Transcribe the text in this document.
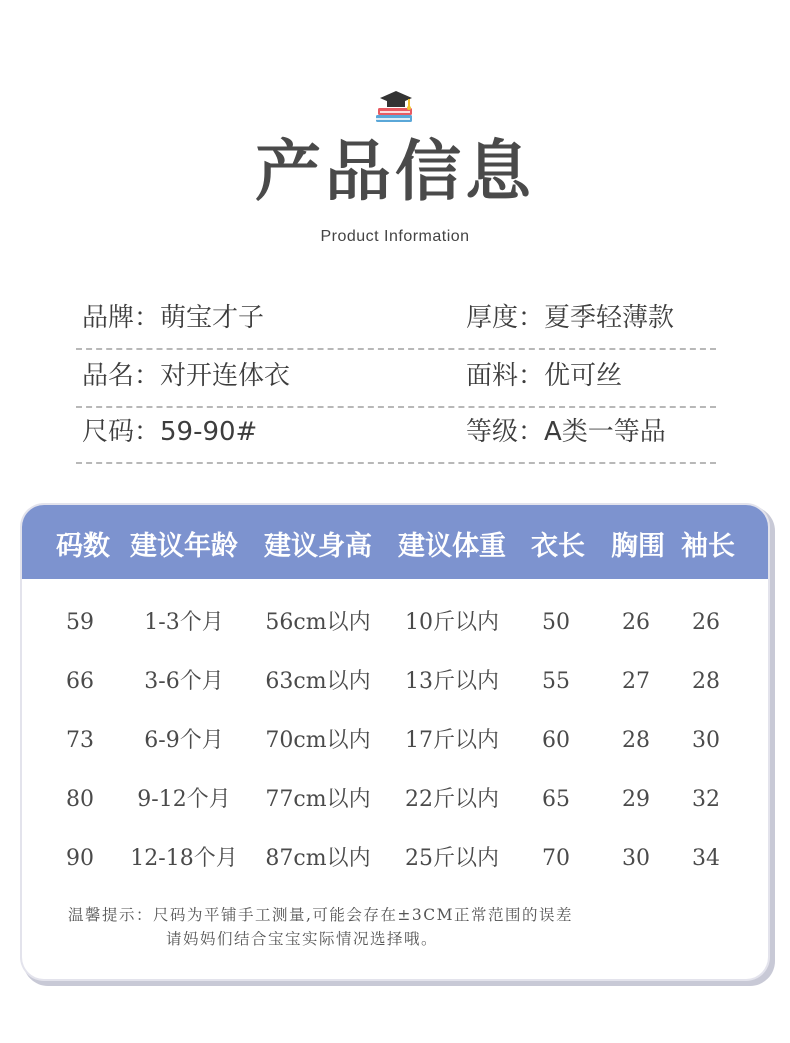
产品信息
Product Information
品牌：萌宝才子	厚度：夏季轻薄款
品名：对开连体衣	面料：优可丝
尺码：59-90#	等级：A类一等品
码数 建议年龄 建议身高 建议体重 衣长 胸围 袖长
59	1-3个月	56cm以内	10斤以内	50	26	26
66	3-6个月	63cm以内	13斤以内	55	27	28
73	6-9个月	70cm以内	17斤以内	60	28	30
80	9-12个月	77cm以内	22斤以内	65	29	32
90	12-18个月	87cm以内	25斤以内	70	30	34
温馨提示：尺码为平铺手工测量,可能会存在±3CM正常范围的误差
请妈妈们结合宝宝实际情况选择哦。
